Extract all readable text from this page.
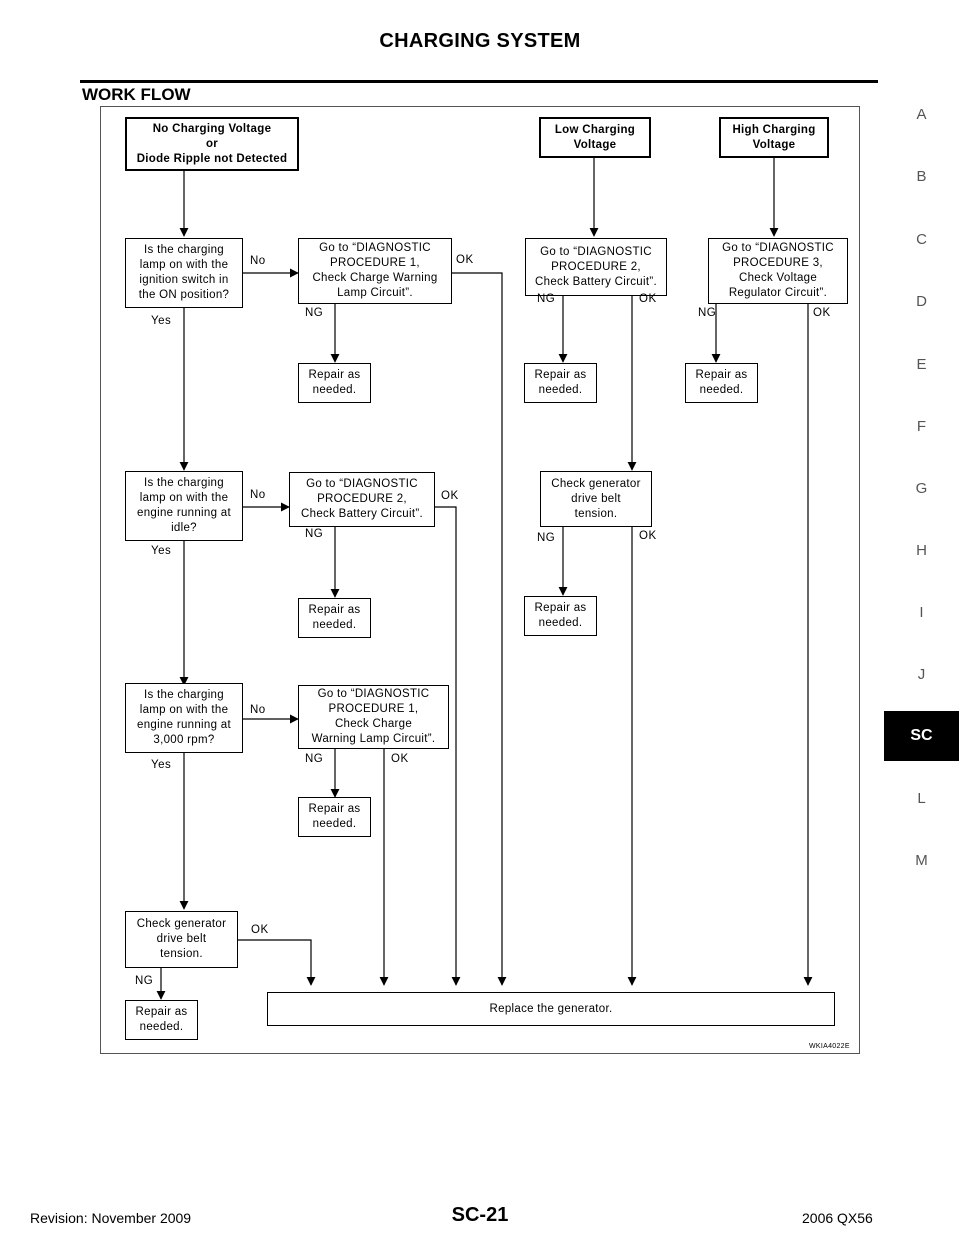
CHARGING SYSTEM
WORK FLOW
A
B
C
D
E
F
G
H
I
J
SC
L
M
No Charging Voltage
or
Diode Ripple not Detected
Low Charging
Voltage
High Charging
Voltage
Is the charging
lamp on with the
ignition switch in
the ON position?
Go to “DIAGNOSTIC
PROCEDURE 1,
Check Charge Warning
Lamp Circuit”.
Go to “DIAGNOSTIC
PROCEDURE 2,
Check Battery Circuit”.
Go to “DIAGNOSTIC
PROCEDURE 3,
Check Voltage
Regulator Circuit”.
Repair as
needed.
Repair as
needed.
Repair as
needed.
Is the charging
lamp on with the
engine running at
idle?
Go to “DIAGNOSTIC
PROCEDURE 2,
Check Battery Circuit”.
Check generator
drive belt
tension.
Repair as
needed.
Repair as
needed.
Is the charging
lamp on with the
engine running at
3,000 rpm?
Go to “DIAGNOSTIC
PROCEDURE 1,
Check Charge
Warning Lamp Circuit”.
Repair as
needed.
Check generator
drive belt
tension.
Repair as
needed.
Replace the generator.
No
Yes
OK
NG
NG	OK
NG	OK
No
Yes
OK
NG	NG	OK
No
Yes	NG	OK
OK
NG
WKIA4022E
Revision: November 2009	SC-21	2006 QX56
